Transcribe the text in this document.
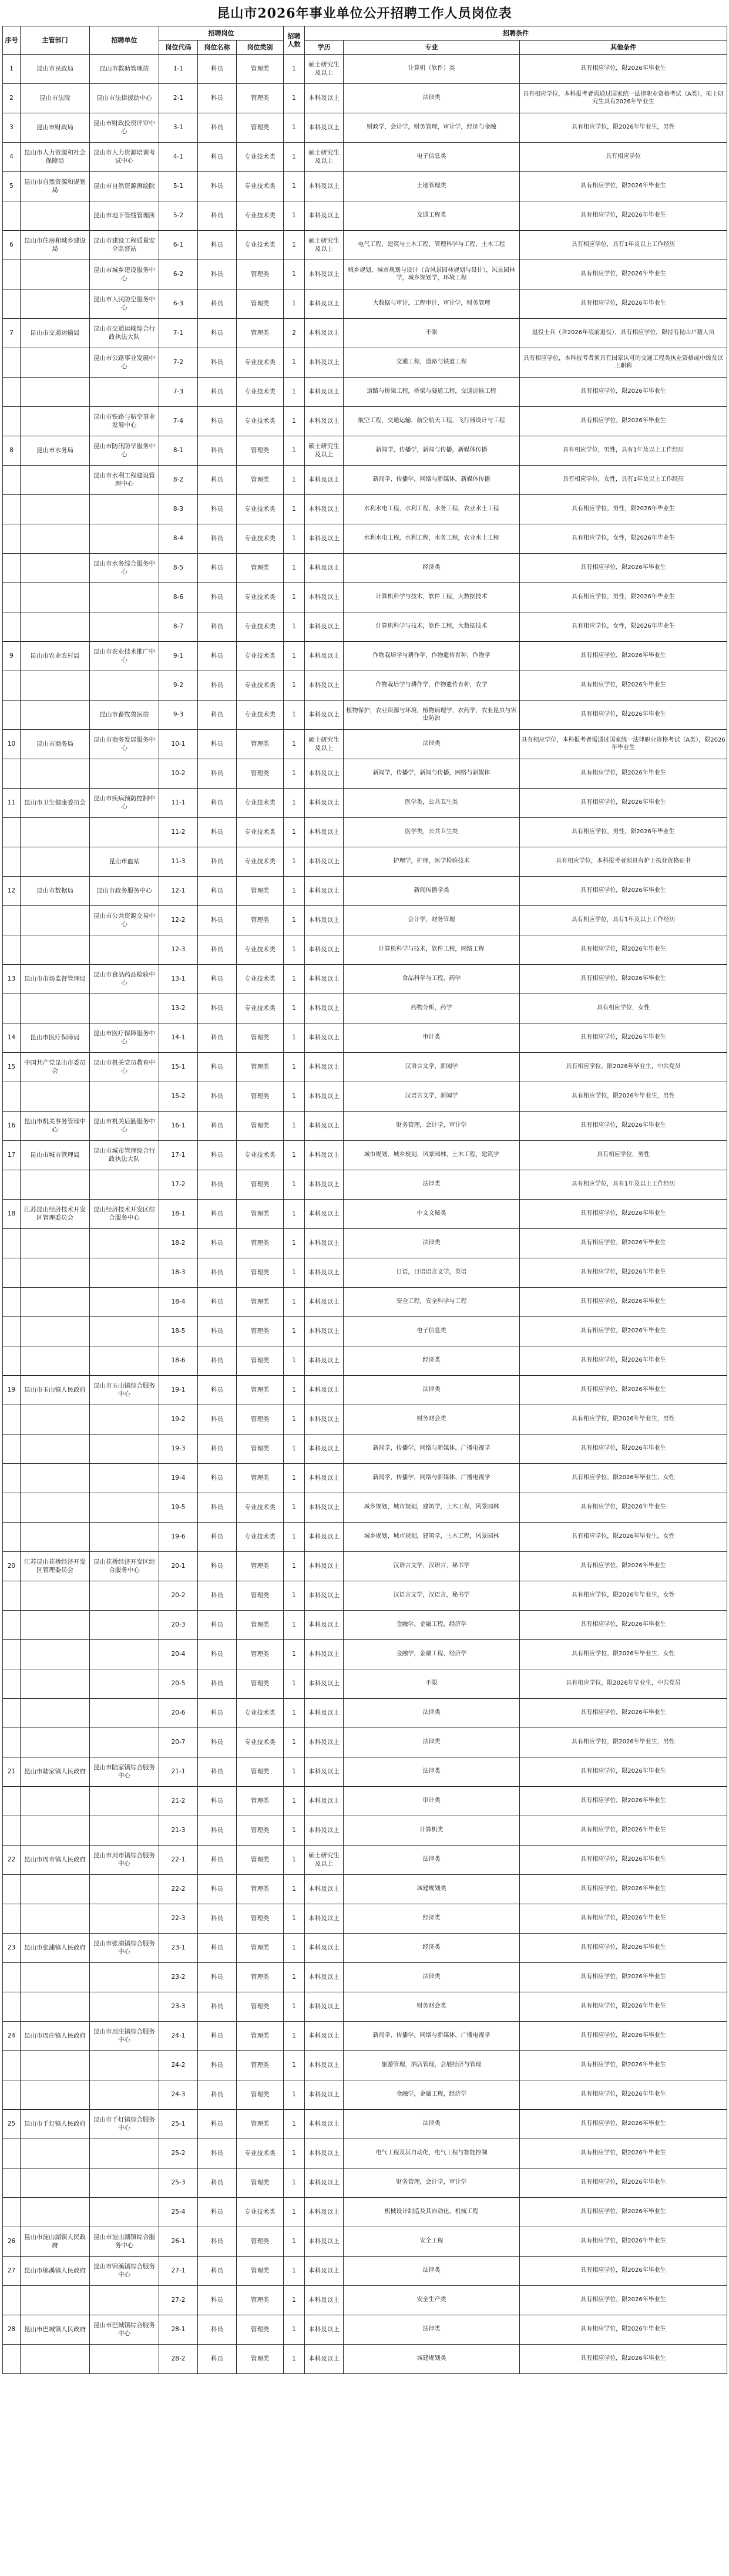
昆山市2026年事业单位公开招聘工作人员岗位表
序号	主管部门	招聘单位	招聘岗位			招聘人数	招聘条件		
			岗位代码	岗位名称	岗位类别		学历	专业	其他条件
1	昆山市民政局	昆山市救助管理站	1-1	科员	管理类	1	硕士研究生及以上	计算机（软件）类	具有相应学位，限2026年毕业生
2	昆山市法院	昆山市法律援助中心	2-1	科员	管理类	1	本科及以上	法律类	具有相应学位，本科报考者需通过国家统一法律职业资格考试（A类），硕士研究生具有2026年毕业生
3	昆山市财政局	昆山市财政投资评审中心	3-1	科员	管理类	1	本科及以上	财政学，会计学，财务管理，审计学，经济与金融	具有相应学位，限2026年毕业生，男性
4	昆山市人力资源和社会保障局	昆山市人力资源培训考试中心	4-1	科员	专业技术类	1	硕士研究生及以上	电子信息类	具有相应学位
5	昆山市自然资源和规划局	昆山市自然资源测绘院	5-1	科员	专业技术类	1	本科及以上	土地管理类	具有相应学位，限2026年毕业生
		昆山市地下管线管理所	5-2	科员	专业技术类	1	本科及以上	交通工程类	具有相应学位，限2026年毕业生
6	昆山市住房和城乡建设局	昆山市建设工程质量安全监督站	6-1	科员	专业技术类	1	硕士研究生及以上	电气工程，建筑与土木工程，管理科学与工程，土木工程	具有相应学位，具有1年及以上工作经历
		昆山市城乡建设服务中心	6-2	科员	管理类	1	本科及以上	城乡规划，城市规划与设计（含风景园林规划与设计），风景园林学，城乡规划学，环境工程	具有相应学位，限2026年毕业生
		昆山市人民防空服务中心	6-3	科员	管理类	1	本科及以上	大数据与审计，工程审计，审计学，财务管理	具有相应学位，限2026年毕业生
7	昆山市交通运输局	昆山市交通运输综合行政执法大队	7-1	科员	管理类	2	本科及以上	不限	退役士兵（含2026年底前退役），具有相应学位，限持有昆山户籍人员
		昆山市公路事业发展中心	7-2	科员	专业技术类	1	本科及以上	交通工程，道路与铁道工程	具有相应学位，本科报考者须具有国家认可的交通工程类执业资格或中级及以上职称
			7-3	科员	专业技术类	1	本科及以上	道路与桥梁工程，桥梁与隧道工程，交通运输工程	具有相应学位，限2026年毕业生
		昆山市铁路与航空事业发展中心	7-4	科员	专业技术类	1	本科及以上	航空工程，交通运输，航空航天工程，飞行器设计与工程	具有相应学位，限2026年毕业生
8	昆山市水务局	昆山市防汛防旱服务中心	8-1	科员	管理类	1	硕士研究生及以上	新闻学，传播学，新闻与传播，新媒体传播	具有相应学位，男性，具有1年及以上工作经历
		昆山市水利工程建设管理中心	8-2	科员	管理类	1	本科及以上	新闻学，传播学，网络与新媒体，新媒体传播	具有相应学位，女性，具有1年及以上工作经历
			8-3	科员	专业技术类	1	本科及以上	水利水电工程，水利工程，水务工程，农业水土工程	具有相应学位，男性，限2026年毕业生
			8-4	科员	专业技术类	1	本科及以上	水利水电工程，水利工程，水务工程，农业水土工程	具有相应学位，女性，限2026年毕业生
		昆山市水务综合服务中心	8-5	科员	管理类	1	本科及以上	经济类	具有相应学位，限2026年毕业生
			8-6	科员	专业技术类	1	本科及以上	计算机科学与技术，软件工程，大数据技术	具有相应学位，男性，限2026年毕业生
			8-7	科员	专业技术类	1	本科及以上	计算机科学与技术，软件工程，大数据技术	具有相应学位，女性，限2026年毕业生
9	昆山市农业农村局	昆山市农业技术推广中心	9-1	科员	专业技术类	1	本科及以上	作物栽培学与耕作学，作物遗传育种，作物学	具有相应学位，限2026年毕业生
			9-2	科员	专业技术类	1	本科及以上	作物栽培学与耕作学，作物遗传育种，农学	具有相应学位，限2026年毕业生
		昆山市畜牧兽医站	9-3	科员	专业技术类	1	本科及以上	植物保护，农业资源与环境，植物病理学，农药学，农业昆虫与害虫防治	具有相应学位，限2026年毕业生
10	昆山市商务局	昆山市商务发展服务中心	10-1	科员	管理类	1	硕士研究生及以上	法律类	具有相应学位，本科报考者需通过国家统一法律职业资格考试（A类），限2026年毕业生
			10-2	科员	管理类	1	本科及以上	新闻学，传播学，新闻与传播，网络与新媒体	具有相应学位，限2026年毕业生
11	昆山市卫生健康委员会	昆山市疾病预防控制中心	11-1	科员	专业技术类	1	本科及以上	医学类，公共卫生类	具有相应学位，限2026年毕业生
			11-2	科员	专业技术类	1	本科及以上	医学类，公共卫生类	具有相应学位，男性，限2026年毕业生
		昆山市血站	11-3	科员	专业技术类	1	本科及以上	护理学，护理，医学检验技术	具有相应学位，本科报考者须具有护士执业资格证书
12	昆山市数据局	昆山市政务服务中心	12-1	科员	管理类	1	本科及以上	新闻传播学类	具有相应学位，限2026年毕业生
		昆山市公共资源交易中心	12-2	科员	管理类	1	本科及以上	会计学，财务管理	具有相应学位，具有1年及以上工作经历
			12-3	科员	专业技术类	1	本科及以上	计算机科学与技术，软件工程，网络工程	具有相应学位，限2026年毕业生
13	昆山市市场监督管理局	昆山市食品药品检验中心	13-1	科员	专业技术类	1	本科及以上	食品科学与工程，药学	具有相应学位，限2026年毕业生
			13-2	科员	专业技术类	1	本科及以上	药物分析，药学	具有相应学位，女性
14	昆山市医疗保障局	昆山市医疗保障服务中心	14-1	科员	管理类	1	本科及以上	审计类	具有相应学位，限2026年毕业生
15	中国共产党昆山市委员会	昆山市机关党员教育中心	15-1	科员	管理类	1	本科及以上	汉语言文学，新闻学	具有相应学位，限2026年毕业生，中共党员
			15-2	科员	管理类	1	本科及以上	汉语言文学，新闻学	具有相应学位，限2026年毕业生，男性
16	昆山市机关事务管理中心	昆山市机关后勤服务中心	16-1	科员	管理类	1	本科及以上	财务管理，会计学，审计学	具有相应学位，限2026年毕业生
17	昆山市城市管理局	昆山市城市管理综合行政执法大队	17-1	科员	专业技术类	1	本科及以上	城市规划，城乡规划，风景园林，土木工程，建筑学	具有相应学位，男性
			17-2	科员	管理类	1	本科及以上	法律类	具有相应学位，具有1年及以上工作经历
18	江苏昆山经济技术开发区管理委员会	昆山经济技术开发区综合服务中心	18-1	科员	管理类	1	本科及以上	中文文秘类	具有相应学位，限2026年毕业生
			18-2	科员	管理类	1	本科及以上	法律类	具有相应学位，限2026年毕业生
			18-3	科员	管理类	1	本科及以上	日语，日语语言文学，英语	具有相应学位，限2026年毕业生
			18-4	科员	管理类	1	本科及以上	安全工程，安全科学与工程	具有相应学位，限2026年毕业生
			18-5	科员	管理类	1	本科及以上	电子信息类	具有相应学位，限2026年毕业生
			18-6	科员	管理类	1	本科及以上	经济类	具有相应学位，限2026年毕业生
19	昆山市玉山镇人民政府	昆山市玉山镇综合服务中心	19-1	科员	管理类	1	本科及以上	法律类	具有相应学位，限2026年毕业生
			19-2	科员	管理类	1	本科及以上	财务财会类	具有相应学位，限2026年毕业生，男性
			19-3	科员	管理类	1	本科及以上	新闻学，传播学，网络与新媒体，广播电视学	具有相应学位，限2026年毕业生
			19-4	科员	管理类	1	本科及以上	新闻学，传播学，网络与新媒体，广播电视学	具有相应学位，限2026年毕业生，女性
			19-5	科员	专业技术类	1	本科及以上	城乡规划，城市规划，建筑学，土木工程，风景园林	具有相应学位，限2026年毕业生
			19-6	科员	专业技术类	1	本科及以上	城乡规划，城市规划，建筑学，土木工程，风景园林	具有相应学位，限2026年毕业生，女性
20	江苏昆山花桥经济开发区管理委员会	昆山花桥经济开发区综合服务中心	20-1	科员	管理类	1	本科及以上	汉语言文学，汉语言，秘书学	具有相应学位，限2026年毕业生
			20-2	科员	管理类	1	本科及以上	汉语言文学，汉语言，秘书学	具有相应学位，限2026年毕业生，女性
			20-3	科员	管理类	1	本科及以上	金融学，金融工程，经济学	具有相应学位，限2026年毕业生
			20-4	科员	管理类	1	本科及以上	金融学，金融工程，经济学	具有相应学位，限2026年毕业生，女性
			20-5	科员	管理类	1	本科及以上	不限	具有相应学位，限2026年毕业生，中共党员
			20-6	科员	专业技术类	1	本科及以上	法律类	具有相应学位，限2026年毕业生
			20-7	科员	专业技术类	1	本科及以上	法律类	具有相应学位，限2026年毕业生，男性
21	昆山市陆家镇人民政府	昆山市陆家镇综合服务中心	21-1	科员	管理类	1	本科及以上	法律类	具有相应学位，限2026年毕业生
			21-2	科员	管理类	1	本科及以上	审计类	具有相应学位，限2026年毕业生
			21-3	科员	管理类	1	本科及以上	计算机类	具有相应学位，限2026年毕业生
22	昆山市周市镇人民政府	昆山市周市镇综合服务中心	22-1	科员	管理类	1	硕士研究生及以上	法律类	具有相应学位，限2026年毕业生
			22-2	科员	管理类	1	本科及以上	城建规划类	具有相应学位，限2026年毕业生
			22-3	科员	管理类	1	本科及以上	经济类	具有相应学位，限2026年毕业生
23	昆山市张浦镇人民政府	昆山市张浦镇综合服务中心	23-1	科员	管理类	1	本科及以上	经济类	具有相应学位，限2026年毕业生
			23-2	科员	管理类	1	本科及以上	法律类	具有相应学位，限2026年毕业生
			23-3	科员	管理类	1	本科及以上	财务财会类	具有相应学位，限2026年毕业生
24	昆山市周庄镇人民政府	昆山市周庄镇综合服务中心	24-1	科员	管理类	1	本科及以上	新闻学，传播学，网络与新媒体，广播电视学	具有相应学位，限2026年毕业生
			24-2	科员	管理类	1	本科及以上	旅游管理，酒店管理，会展经济与管理	具有相应学位，限2026年毕业生
			24-3	科员	管理类	1	本科及以上	金融学，金融工程，经济学	具有相应学位，限2026年毕业生
25	昆山市千灯镇人民政府	昆山市千灯镇综合服务中心	25-1	科员	管理类	1	本科及以上	法律类	具有相应学位，限2026年毕业生
			25-2	科员	专业技术类	1	本科及以上	电气工程及其自动化，电气工程与智能控制	具有相应学位，限2026年毕业生
			25-3	科员	管理类	1	本科及以上	财务管理，会计学，审计学	具有相应学位，限2026年毕业生
			25-4	科员	专业技术类	1	本科及以上	机械设计制造及其自动化，机械工程	具有相应学位，限2026年毕业生
26	昆山市淀山湖镇人民政府	昆山市淀山湖镇综合服务中心	26-1	科员	管理类	1	本科及以上	安全工程	具有相应学位，限2026年毕业生
27	昆山市锦溪镇人民政府	昆山市锦溪镇综合服务中心	27-1	科员	管理类	1	本科及以上	法律类	具有相应学位，限2026年毕业生
			27-2	科员	管理类	1	本科及以上	安全生产类	具有相应学位，限2026年毕业生
28	昆山市巴城镇人民政府	昆山市巴城镇综合服务中心	28-1	科员	管理类	1	本科及以上	法律类	具有相应学位，限2026年毕业生
			28-2	科员	管理类	1	本科及以上	城建规划类	具有相应学位，限2026年毕业生
